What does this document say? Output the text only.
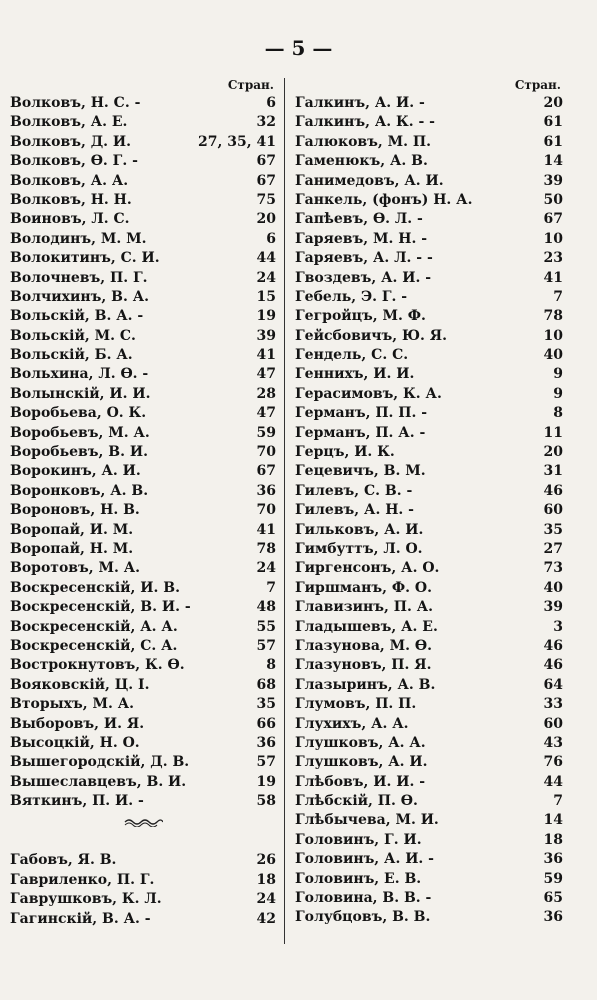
— 5 —
Стран.
Волковъ, Н. С. -	6
Волковъ, А. Е.	32
Волковъ, Д. И.	27, 35, 41
Волковъ, Ө. Г. -	67
Волковъ, А. А.	67
Волковъ, Н. Н.	75
Воиновъ, Л. С.	20
Володинъ, М. М.	6
Волокитинъ, С. И.	44
Волочневъ, П. Г.	24
Волчихинъ, В. А.	15
Вольскій, В. А. -	19
Вольскій, М. С.	39
Вольскій, Б. А.	41
Вольхина, Л. Ө. -	47
Волынскій, И. И.	28
Воробьева, О. К.	47
Воробьевъ, М. А.	59
Воробьевъ, В. И.	70
Ворокинъ, А. И.	67
Воронковъ, А. В.	36
Вороновъ, Н. В.	70
Воропай, И. М.	41
Воропай, Н. М.	78
Воротовъ, М. А.	24
Воскресенскій, И. В.	7
Воскресенскій, В. И. -	48
Воскресенскій, А. А.	55
Воскресенскій, С. А.	57
Вострокнутовъ, К. Ө.	8
Вояковскій, Ц. І.	68
Вторыхъ, М. А.	35
Выборовъ, И. Я.	66
Высоцкій, Н. О.	36
Вышегородскій, Д. В.	57
Вышеславцевъ, В. И.	19
Вяткинъ, П. И. -	58
Габовъ, Я. В.	26
Гавриленко, П. Г.	18
Гаврушковъ, К. Л.	24
Гагинскій, В. А. -	42
Стран.
Галкинъ, А. И. -	20
Галкинъ, А. К. - -	61
Галюковъ, М. П.	61
Гаменюкъ, А. В.	14
Ганимедовъ, А. И.	39
Ганкель, (фонъ) Н. А.	50
Гапѣевъ, Ө. Л. -	67
Гаряевъ, М. Н. -	10
Гаряевъ, А. Л. - -	23
Гвоздевъ, А. И. -	41
Гебель, Э. Г. -	7
Гегройцъ, М. Ф.	78
Гейсбовичъ, Ю. Я.	10
Гендель, С. С.	40
Генниxъ, И. И.	9
Герасимовъ, К. А.	9
Германъ, П. П. -	8
Германъ, П. А. -	11
Герцъ, И. К.	20
Гецевичъ, В. М.	31
Гилевъ, С. В. -	46
Гилевъ, А. Н. -	60
Гильковъ, А. И.	35
Гимбуттъ, Л. О.	27
Гиргенсонъ, А. О.	73
Гиршманъ, Ф. О.	40
Главизинъ, П. А.	39
Гладышевъ, А. Е.	3
Глазунова, М. Ө.	46
Глазуновъ, П. Я.	46
Глазыринъ, А. В.	64
Глумовъ, П. П.	33
Глухихъ, А. А.	60
Глушковъ, А. А.	43
Глушковъ, А. И.	76
Глѣбовъ, И. И. -	44
Глѣбскій, П. Ө.	7
Глѣбычева, М. И.	14
Головинъ, Г. И.	18
Головинъ, А. И. -	36
Головинъ, Е. В.	59
Головина, В. В. -	65
Голубцовъ, В. В.	36
